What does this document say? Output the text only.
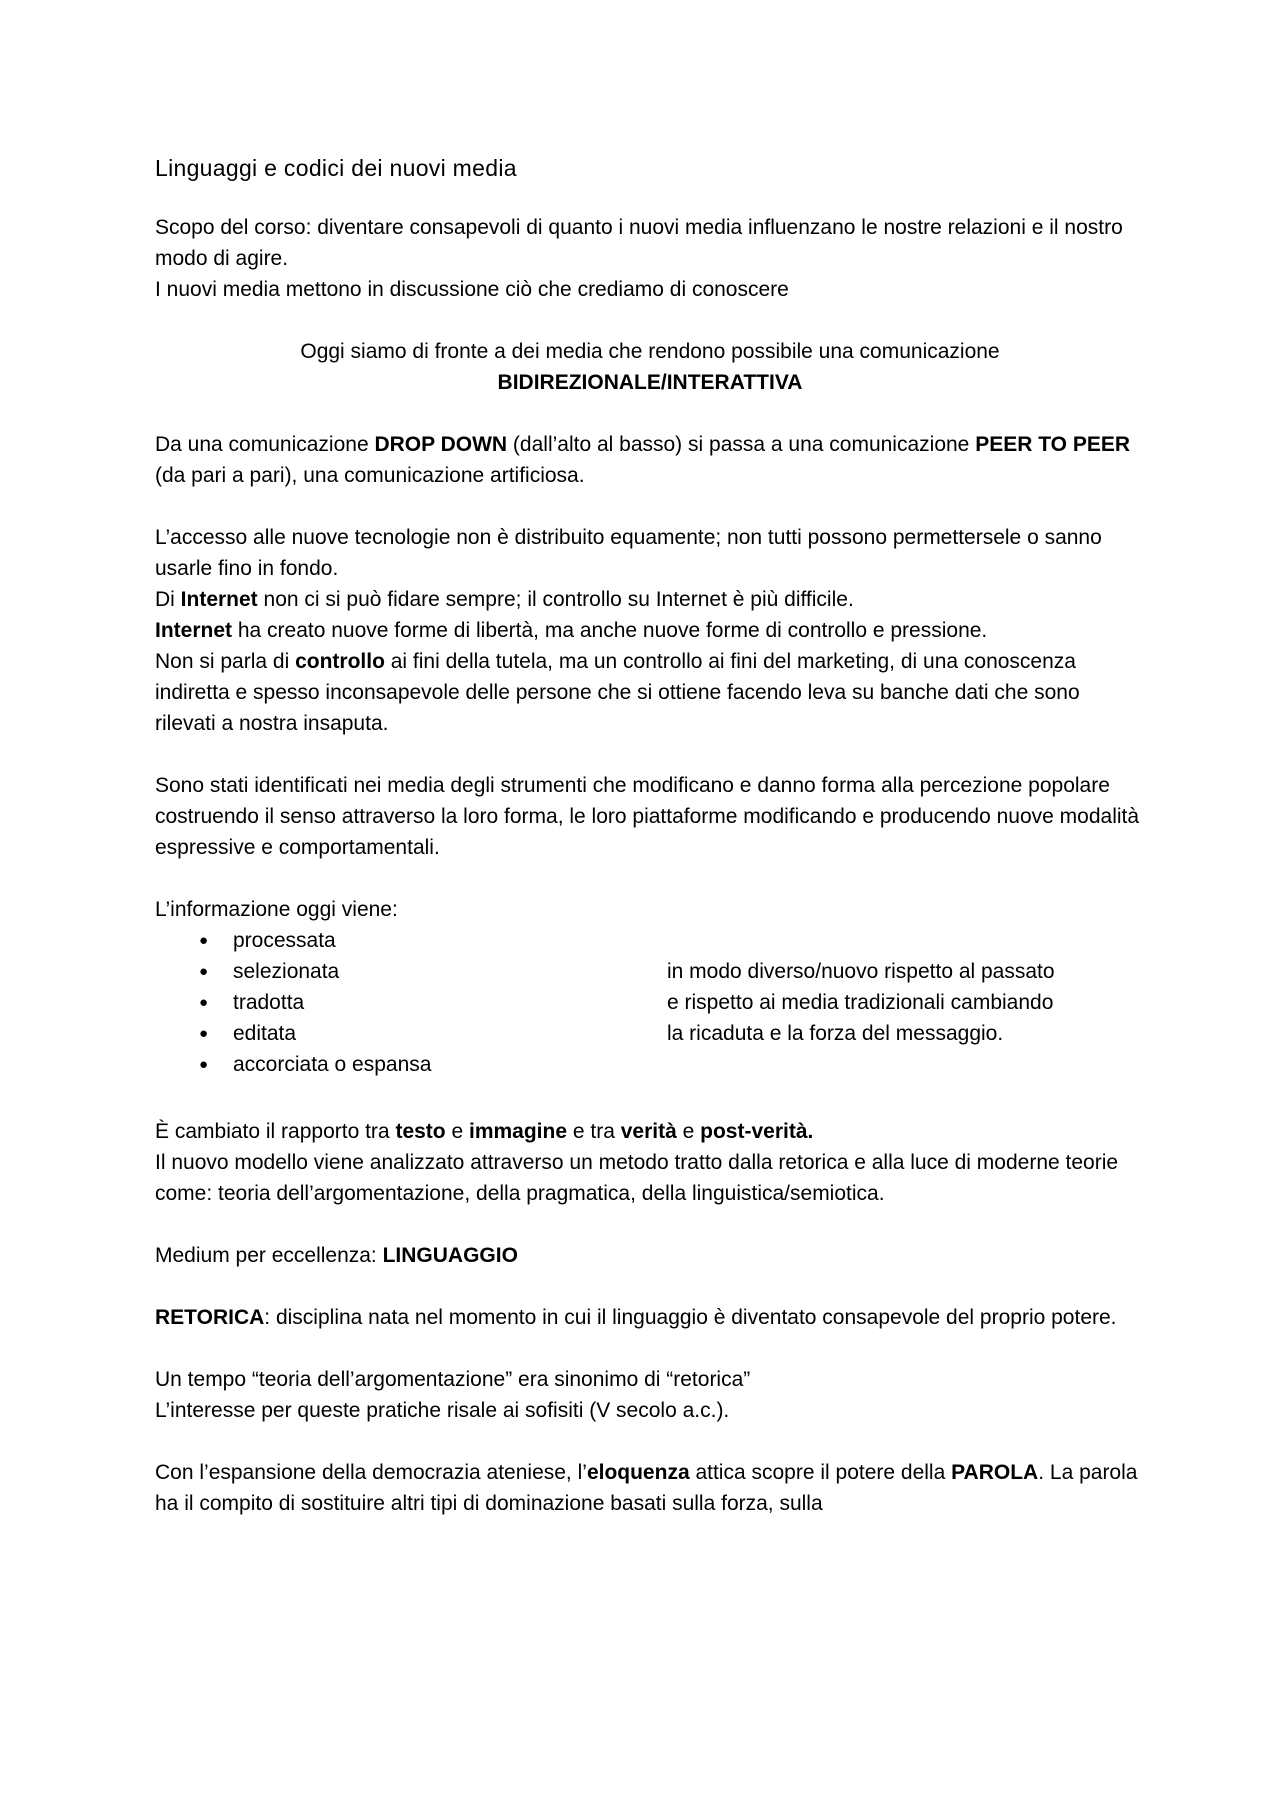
Linguaggi e codici dei nuovi media

Scopo del corso: diventare consapevoli di quanto i nuovi media influenzano le nostre relazioni e il nostro modo di agire.
I nuovi media mettono in discussione ciò che crediamo di conoscere

Oggi siamo di fronte a dei media che rendono possibile una comunicazione
BIDIREZIONALE/INTERATTIVA

Da una comunicazione DROP DOWN (dall’alto al basso) si passa a una comunicazione PEER TO PEER (da pari a pari), una comunicazione artificiosa.

L’accesso alle nuove tecnologie non è distribuito equamente; non tutti possono permettersele o sanno usarle fino in fondo.
Di Internet non ci si può fidare sempre; il controllo su Internet è più difficile.
Internet ha creato nuove forme di libertà, ma anche nuove forme di controllo e pressione.
Non si parla di controllo ai fini della tutela, ma un controllo ai fini del marketing, di una conoscenza indiretta e spesso inconsapevole delle persone che si ottiene facendo leva su banche dati che sono rilevati a nostra insaputa.

Sono stati identificati nei media degli strumenti che modificano e danno forma alla percezione popolare costruendo il senso attraverso la loro forma, le loro piattaforme modificando e producendo nuove modalità espressive e comportamentali.

L’informazione oggi viene:

● processata
● selezionata
● tradotta
● editata
● accorciata o espansa

in modo diverso/nuovo rispetto al passato

e rispetto ai media tradizionali cambiando

la ricaduta e la forza del messaggio.

È cambiato il rapporto tra testo e immagine e tra verità e post-verità.
Il nuovo modello viene analizzato attraverso un metodo tratto dalla retorica e alla luce di moderne teorie come: teoria dell’argomentazione, della pragmatica, della linguistica/semiotica.

Medium per eccellenza: LINGUAGGIO

RETORICA: disciplina nata nel momento in cui il linguaggio è diventato consapevole del proprio potere.

Un tempo “teoria dell’argomentazione” era sinonimo di “retorica”
L’interesse per queste pratiche risale ai sofisiti (V secolo a.c.).

Con l’espansione della democrazia ateniese, l’eloquenza attica scopre il potere della PAROLA. La parola ha il compito di sostituire altri tipi di dominazione basati sulla forza, sulla
